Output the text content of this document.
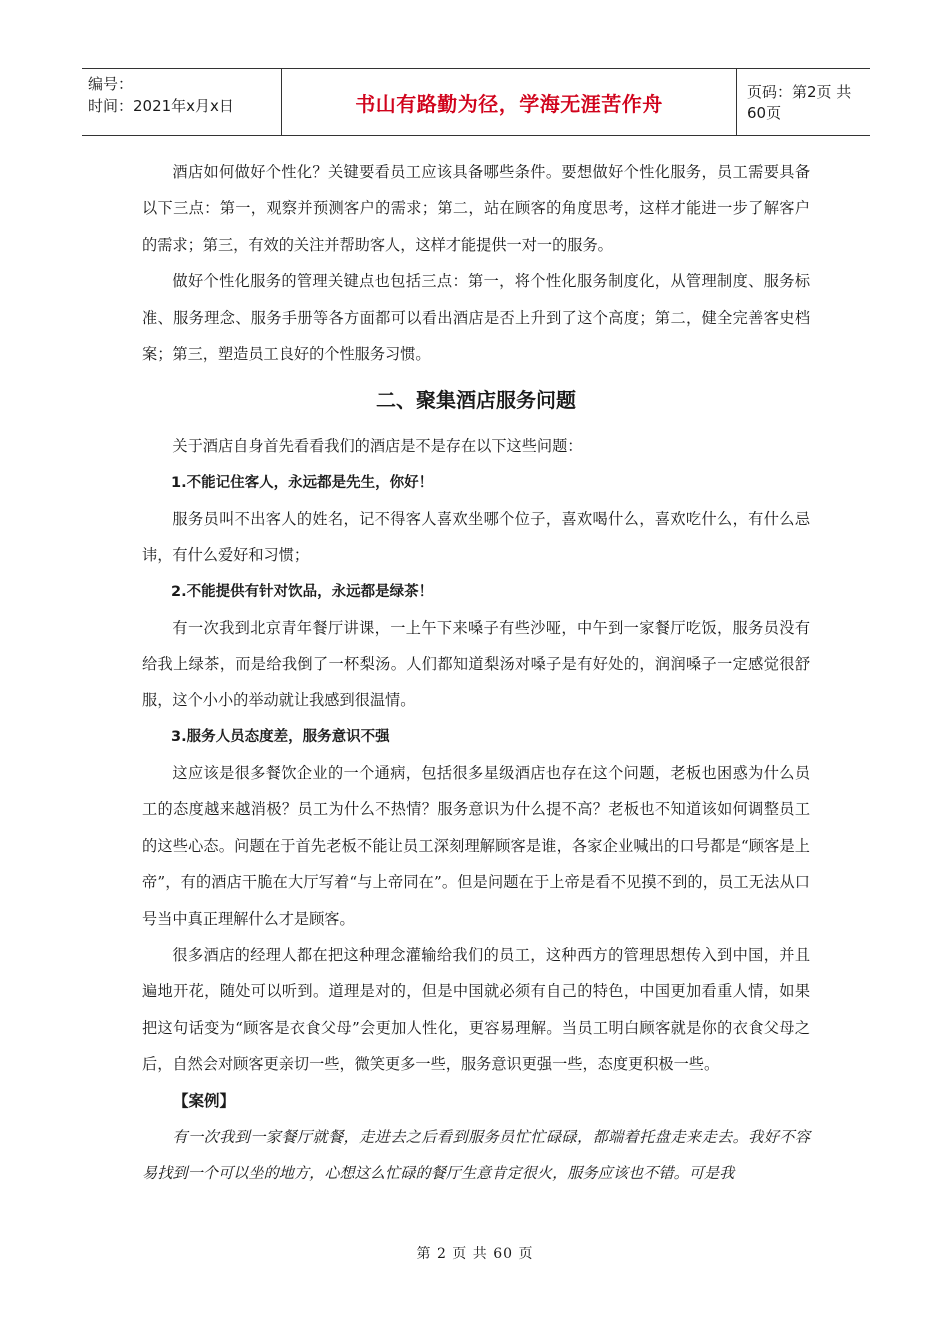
编号：
时间：2021年x月x日	书山有路勤为径，学海无涯苦作舟	页码：第2页 共60页

酒店如何做好个性化？关键要看员工应该具备哪些条件。要想做好个性化服务，员工需要具备以下三点：第一，观察并预测客户的需求；第二，站在顾客的角度思考，这样才能进一步了解客户的需求；第三，有效的关注并帮助客人，这样才能提供一对一的服务。

做好个性化服务的管理关键点也包括三点：第一，将个性化服务制度化，从管理制度、服务标准、服务理念、服务手册等各方面都可以看出酒店是否上升到了这个高度；第二，健全完善客史档案；第三，塑造员工良好的个性服务习惯。

二、聚集酒店服务问题

关于酒店自身首先看看我们的酒店是不是存在以下这些问题：

1.不能记住客人，永远都是先生，你好！

服务员叫不出客人的姓名，记不得客人喜欢坐哪个位子，喜欢喝什么，喜欢吃什么，有什么忌讳，有什么爱好和习惯；

2.不能提供有针对饮品，永远都是绿茶！

有一次我到北京青年餐厅讲课，一上午下来嗓子有些沙哑，中午到一家餐厅吃饭，服务员没有给我上绿茶，而是给我倒了一杯梨汤。人们都知道梨汤对嗓子是有好处的，润润嗓子一定感觉很舒服，这个小小的举动就让我感到很温情。

3.服务人员态度差，服务意识不强

这应该是很多餐饮企业的一个通病，包括很多星级酒店也存在这个问题，老板也困惑为什么员工的态度越来越消极？员工为什么不热情？服务意识为什么提不高？老板也不知道该如何调整员工的这些心态。问题在于首先老板不能让员工深刻理解顾客是谁，各家企业喊出的口号都是“顾客是上帝”，有的酒店干脆在大厅写着“与上帝同在”。但是问题在于上帝是看不见摸不到的，员工无法从口号当中真正理解什么才是顾客。

很多酒店的经理人都在把这种理念灌输给我们的员工，这种西方的管理思想传入到中国，并且遍地开花，随处可以听到。道理是对的，但是中国就必须有自己的特色，中国更加看重人情，如果把这句话变为“顾客是衣食父母”会更加人性化，更容易理解。当员工明白顾客就是你的衣食父母之后，自然会对顾客更亲切一些，微笑更多一些，服务意识更强一些，态度更积极一些。

【案例】

有一次我到一家餐厅就餐，走进去之后看到服务员忙忙碌碌，都端着托盘走来走去。我好不容易找到一个可以坐的地方，心想这么忙碌的餐厅生意肯定很火，服务应该也不错。可是我

第 2 页 共 60 页
